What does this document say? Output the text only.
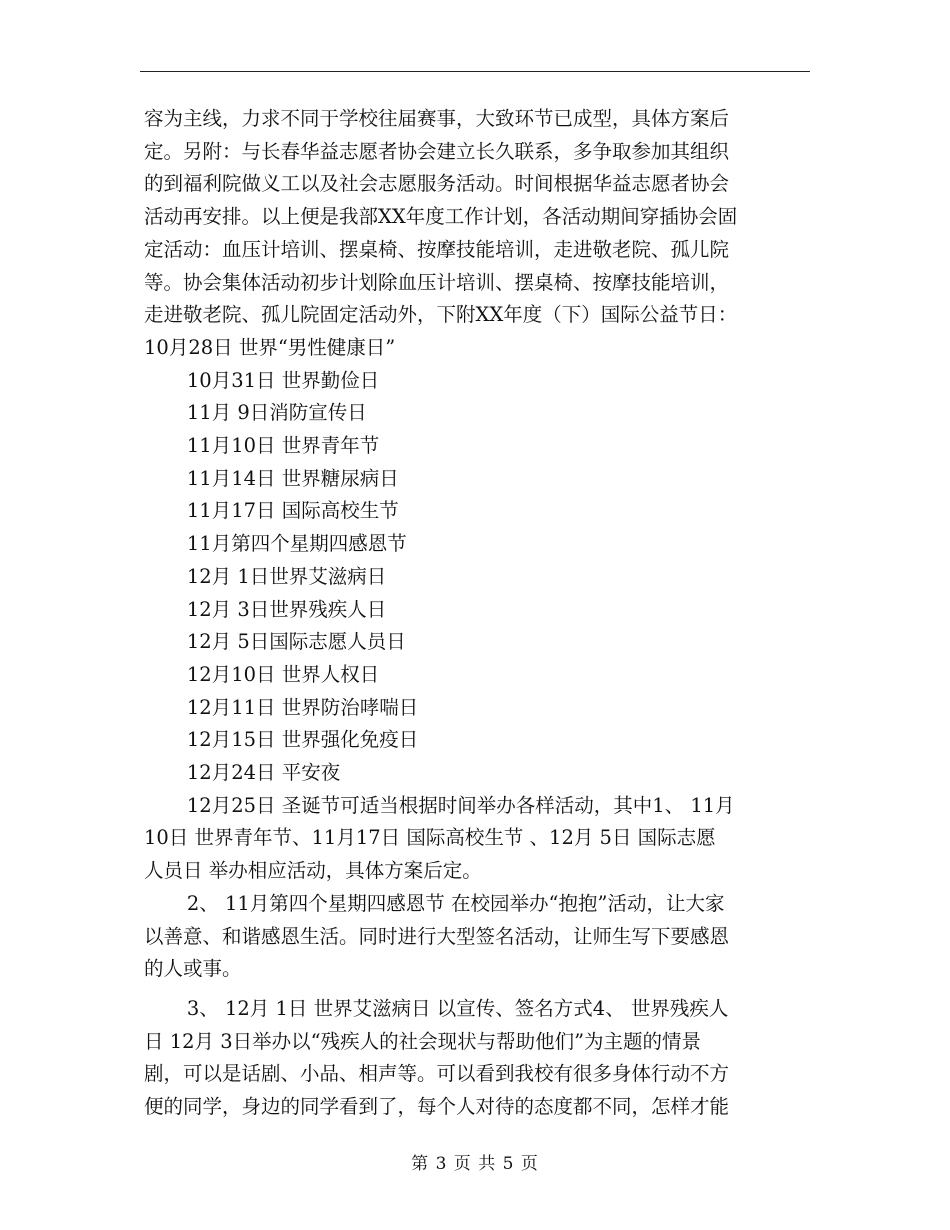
容为主线，力求不同于学校往届赛事，大致环节已成型，具体方案后

定。另附：与长春华益志愿者协会建立长久联系，多争取参加其组织

的到福利院做义工以及社会志愿服务活动。时间根据华益志愿者协会

活动再安排。以上便是我部XX年度工作计划，各活动期间穿插协会固

定活动：血压计培训、摆桌椅、按摩技能培训，走进敬老院、孤儿院

等。协会集体活动初步计划除血压计培训、摆桌椅、按摩技能培训，

走进敬老院、孤儿院固定活动外，下附XX年度（下）国际公益节日：

10月28日 世界“男性健康日”

10月31日 世界勤俭日

11月 9日消防宣传日

11月10日 世界青年节

11月14日 世界糖尿病日

11月17日 国际高校生节

11月第四个星期四感恩节

12月 1日世界艾滋病日

12月 3日世界残疾人日

12月 5日国际志愿人员日

12月10日 世界人权日

12月11日 世界防治哮喘日

12月15日 世界强化免疫日

12月24日 平安夜

12月25日 圣诞节可适当根据时间举办各样活动，其中1、 11月

10日 世界青年节、11月17日 国际高校生节 、12月 5日 国际志愿

人员日 举办相应活动，具体方案后定。

2、 11月第四个星期四感恩节 在校园举办“抱抱”活动，让大家

以善意、和谐感恩生活。同时进行大型签名活动，让师生写下要感恩

的人或事。

3、 12月 1日 世界艾滋病日 以宣传、签名方式4、 世界残疾人

日 12月 3日举办以“残疾人的社会现状与帮助他们”为主题的情景

剧，可以是话剧、小品、相声等。可以看到我校有很多身体行动不方

便的同学，身边的同学看到了，每个人对待的态度都不同，怎样才能

第 3 页 共 5 页
